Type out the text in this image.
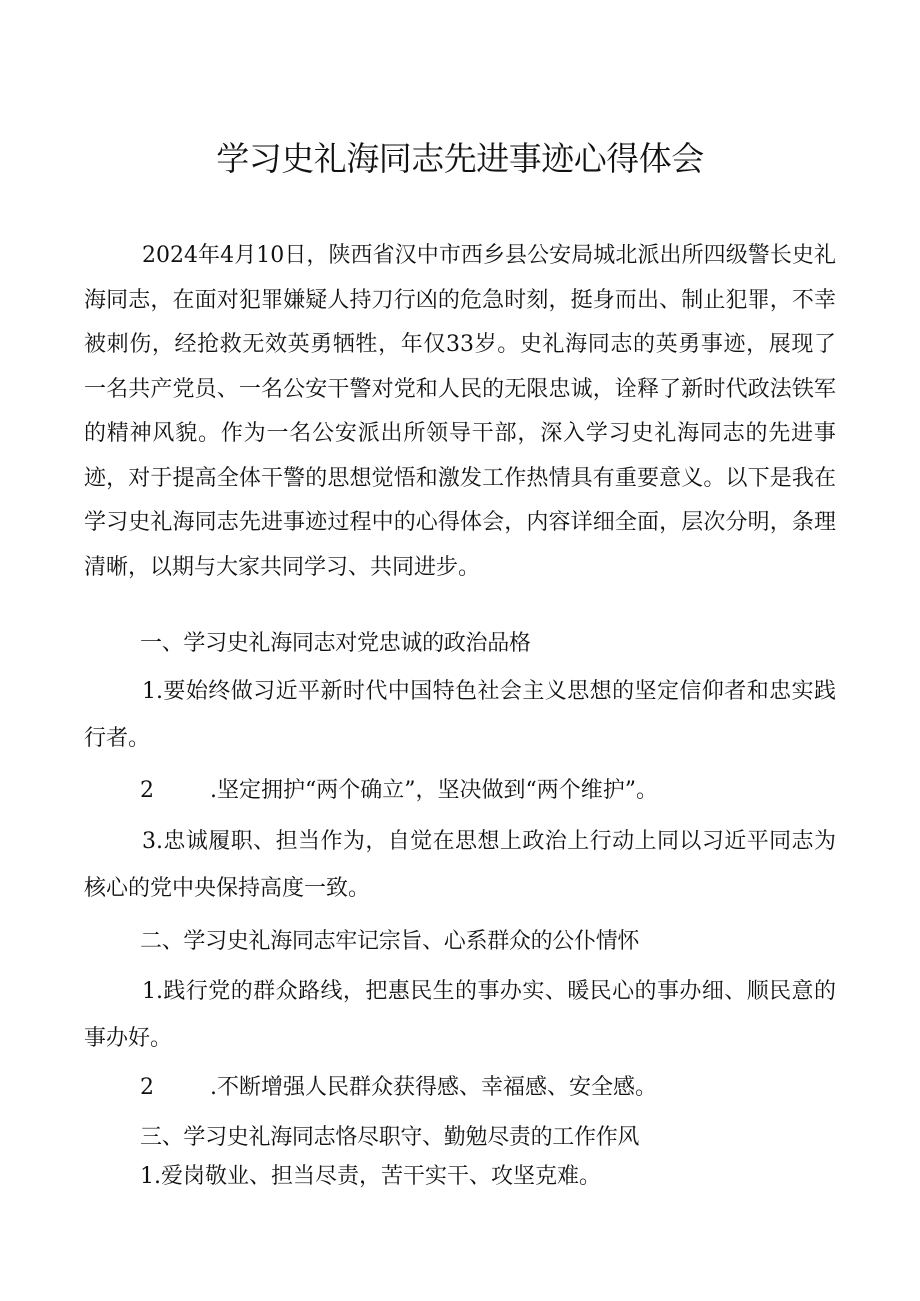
学习史礼海同志先进事迹心得体会

2024年4月10日，陕西省汉中市西乡县公安局城北派出所四级警长史礼海同志，在面对犯罪嫌疑人持刀行凶的危急时刻，挺身而出、制止犯罪，不幸被刺伤，经抢救无效英勇牺牲，年仅33岁。史礼海同志的英勇事迹，展现了一名共产党员、一名公安干警对党和人民的无限忠诚，诠释了新时代政法铁军的精神风貌。作为一名公安派出所领导干部，深入学习史礼海同志的先进事迹，对于提高全体干警的思想觉悟和激发工作热情具有重要意义。以下是我在学习史礼海同志先进事迹过程中的心得体会，内容详细全面，层次分明，条理清晰，以期与大家共同学习、共同进步。

一、学习史礼海同志对党忠诚的政治品格

1.要始终做习近平新时代中国特色社会主义思想的坚定信仰者和忠实践行者。

2	.坚定拥护“两个确立”，坚决做到“两个维护”。

3.忠诚履职、担当作为，自觉在思想上政治上行动上同以习近平同志为核心的党中央保持高度一致。

二、学习史礼海同志牢记宗旨、心系群众的公仆情怀

1.践行党的群众路线，把惠民生的事办实、暖民心的事办细、顺民意的事办好。

2	.不断增强人民群众获得感、幸福感、安全感。
三、学习史礼海同志恪尽职守、勤勉尽责的工作作风
1.爱岗敬业、担当尽责，苦干实干、攻坚克难。
